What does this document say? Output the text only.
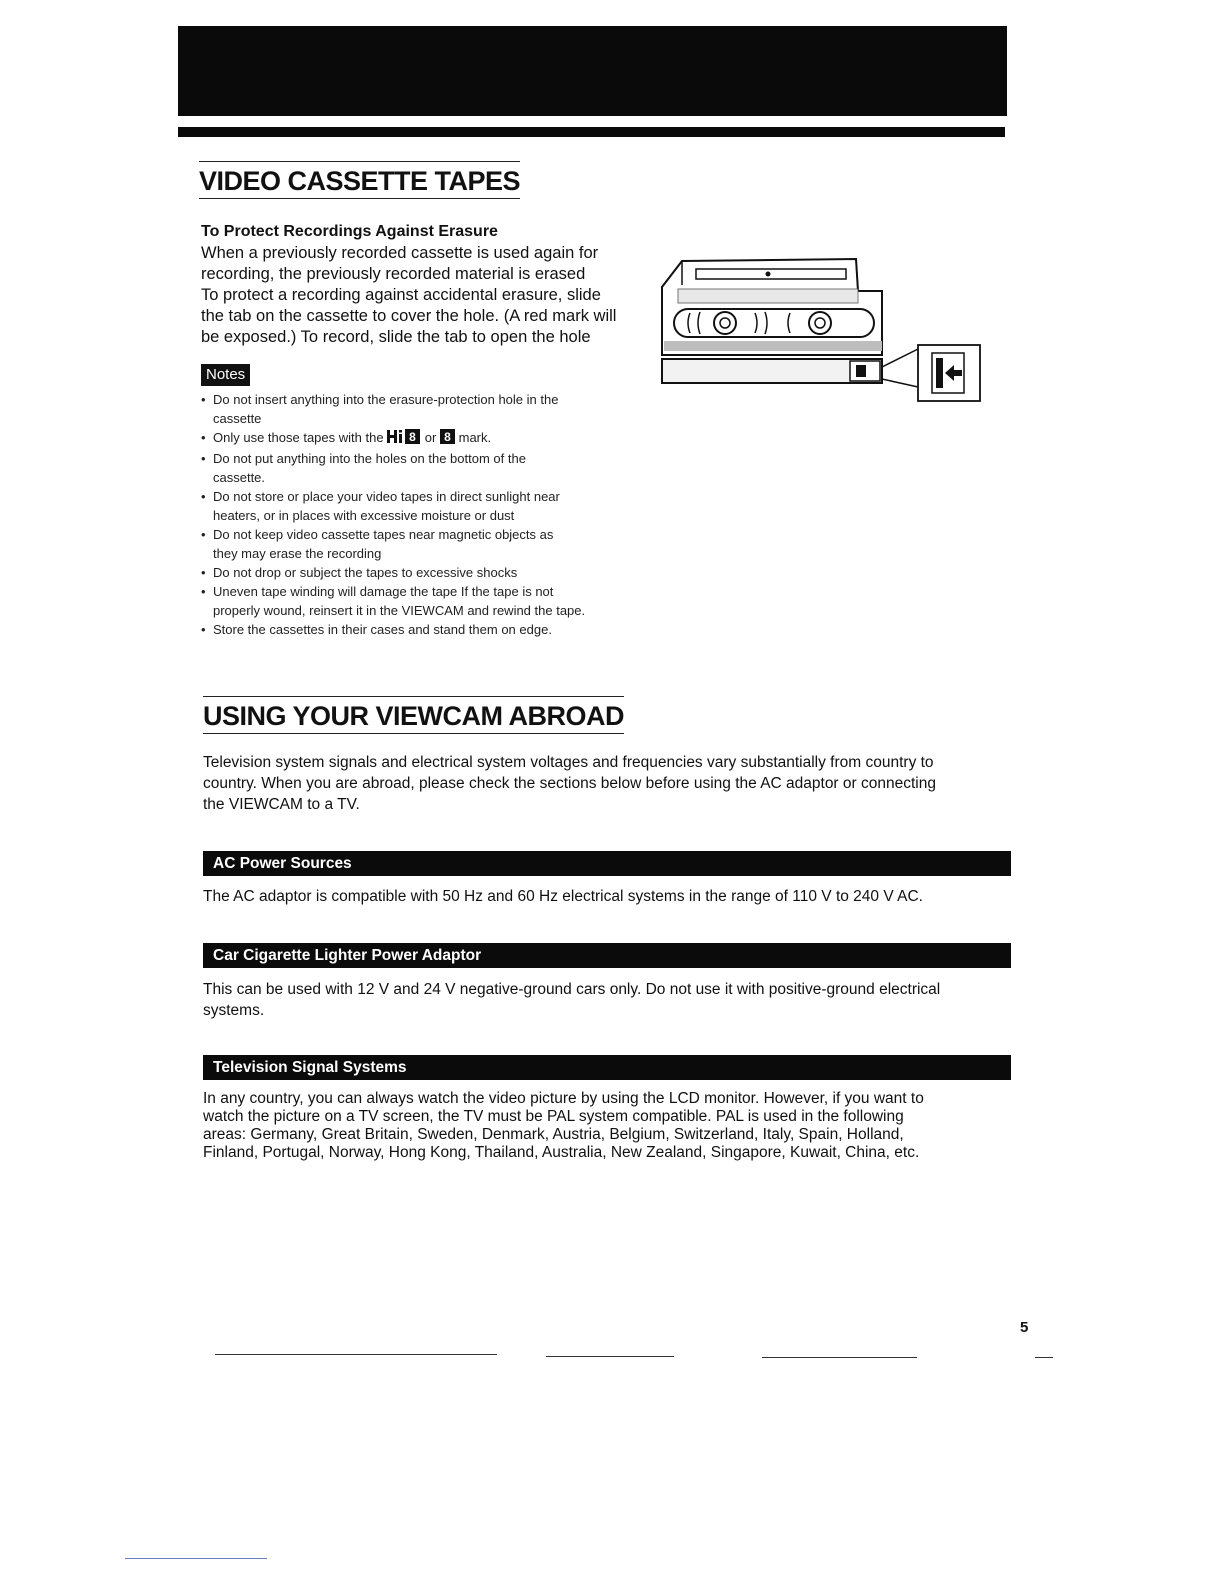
VIDEO CASSETTE TAPES
To Protect Recordings Against Erasure
When a previously recorded cassette is used again for
recording, the previously recorded material is erased
To protect a recording against accidental erasure, slide
the tab on the cassette to cover the hole. (A red mark will
be exposed.) To record, slide the tab to open the hole
Notes
• Do not insert anything into the erasure-protection hole in the
cassette
• Only use those tapes with the 8 or 8 mark.
• Do not put anything into the holes on the bottom of the
cassette.
• Do not store or place your video tapes in direct sunlight near
heaters, or in places with excessive moisture or dust
• Do not keep video cassette tapes near magnetic objects as
they may erase the recording
• Do not drop or subject the tapes to excessive shocks
• Uneven tape winding will damage the tape If the tape is not
properly wound, reinsert it in the VIEWCAM and rewind the tape.
• Store the cassettes in their cases and stand them on edge.
USING YOUR VIEWCAM ABROAD
Television system signals and electrical system voltages and frequencies vary substantially from country to
country. When you are abroad, please check the sections below before using the AC adaptor or connecting
the VIEWCAM to a TV.
AC Power Sources
The AC adaptor is compatible with 50 Hz and 60 Hz electrical systems in the range of 110 V to 240 V AC.
Car Cigarette Lighter Power Adaptor
This can be used with 12 V and 24 V negative-ground cars only. Do not use it with positive-ground electrical
systems.
Television Signal Systems
In any country, you can always watch the video picture by using the LCD monitor. However, if you want to
watch the picture on a TV screen, the TV must be PAL system compatible. PAL is used in the following
areas: Germany, Great Britain, Sweden, Denmark, Austria, Belgium, Switzerland, Italy, Spain, Holland,
Finland, Portugal, Norway, Hong Kong, Thailand, Australia, New Zealand, Singapore, Kuwait, China, etc.
5
